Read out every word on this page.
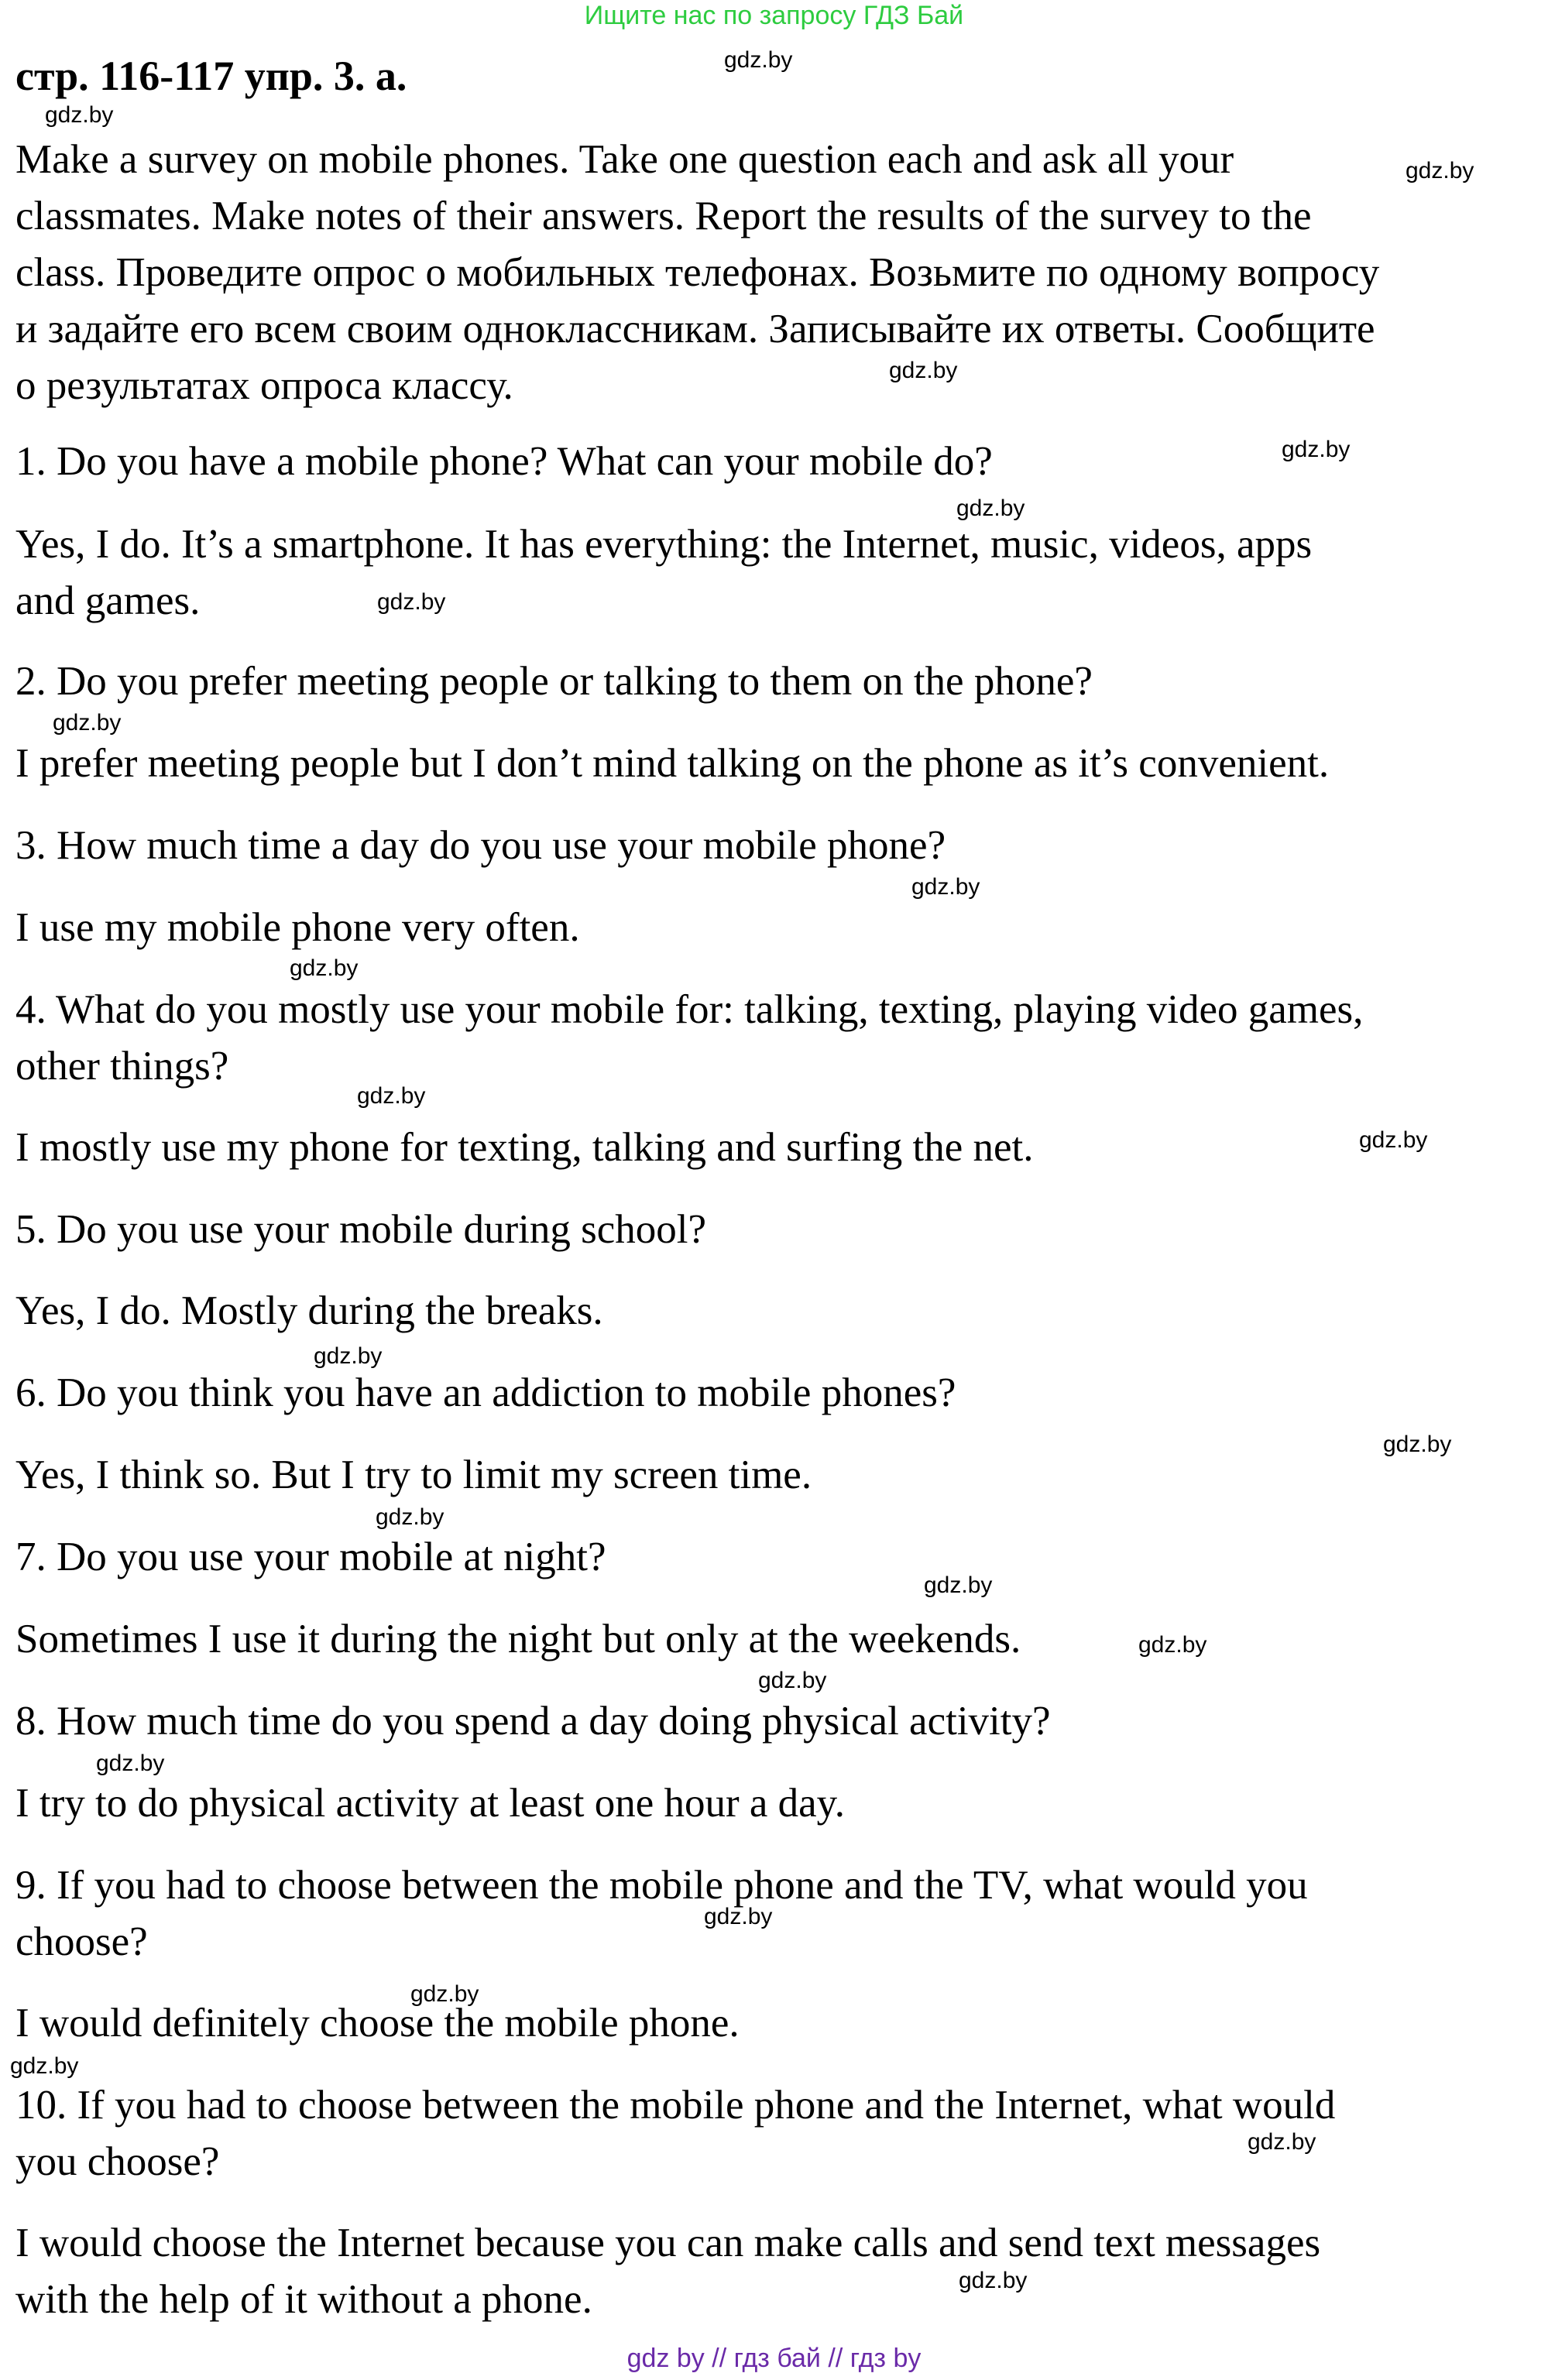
Ищите нас по запросу ГДЗ Бай
стр. 116-117 упр. 3. a.
Make a survey on mobile phones. Take one question each and ask all your
classmates. Make notes of their answers. Report the results of the survey to the
class. Проведите опрос о мобильных телефонах. Возьмите по одному вопросу
и задайте его всем своим одноклассникам. Записывайте их ответы. Сообщите
о результатах опроса классу.
1. Do you have a mobile phone? What can your mobile do?
Yes, I do. It’s a smartphone. It has everything: the Internet, music, videos, apps
and games.
2. Do you prefer meeting people or talking to them on the phone?
I prefer meeting people but I don’t mind talking on the phone as it’s convenient.
3. How much time a day do you use your mobile phone?
I use my mobile phone very often.
4. What do you mostly use your mobile for: talking, texting, playing video games,
other things?
I mostly use my phone for texting, talking and surfing the net.
5. Do you use your mobile during school?
Yes, I do. Mostly during the breaks.
6. Do you think you have an addiction to mobile phones?
Yes, I think so. But I try to limit my screen time.
7. Do you use your mobile at night?
Sometimes I use it during the night but only at the weekends.
8. How much time do you spend a day doing physical activity?
I try to do physical activity at least one hour a day.
9. If you had to choose between the mobile phone and the TV, what would you
choose?
I would definitely choose the mobile phone.
10. If you had to choose between the mobile phone and the Internet, what would
you choose?
I would choose the Internet because you can make calls and send text messages
with the help of it without a phone.
gdz.by
gdz.by
gdz.by
gdz.by
gdz.by
gdz.by
gdz.by
gdz.by
gdz.by
gdz.by
gdz.by
gdz.by
gdz.by
gdz.by
gdz.by
gdz.by
gdz.by
gdz.by
gdz.by
gdz.by
gdz.by
gdz.by
gdz.by
gdz.by
gdz by // гдз бай // гдз by
